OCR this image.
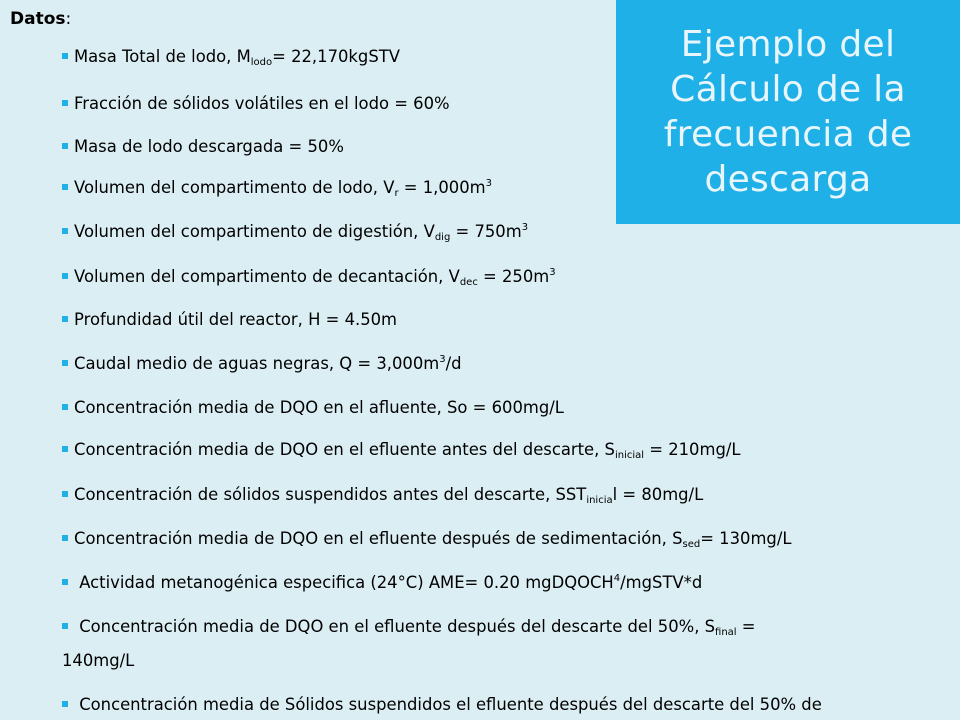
Datos:
Ejemplo del
Cálculo de la
frecuencia de
descarga
Masa Total de lodo, $M_{lodo}=$ 22,170kgSTV
Fracción de sólidos volátiles en el lodo = 60%
Masa de lodo descargada = 50%
Volumen del compartimento de lodo, $V_r = 1,000m^3$
Volumen del compartimento de digestión, $V_{dig} = 750m^3$
Volumen del compartimento de decantación, $V_{dec} = 250m^3$
Profundidad útil del reactor, H = 4.50m
Caudal medio de aguas negras, $Q = 3,000m^3/d$
Concentración media de DQO en el afluente, So = 600mg/L
Concentración media de DQO en el efluente antes del descarte, $S_{inicial} = 210mg/L$
Concentración de sólidos suspendidos antes del descarte, $SST_{inicia}l = 80mg/L$
Concentración media de DQO en el efluente después de sedimentación, $S_{sed}= 130mg/L$
Actividad metanogénica especifica (24°C) AME= 0.20 mgDQOCH$^4$/mgSTV*d
Concentración media de DQO en el efluente después del descarte del 50%, $S_{final}$ =
140mg/L
Concentración media de Sólidos suspendidos el efluente después del descarte del 50% de
